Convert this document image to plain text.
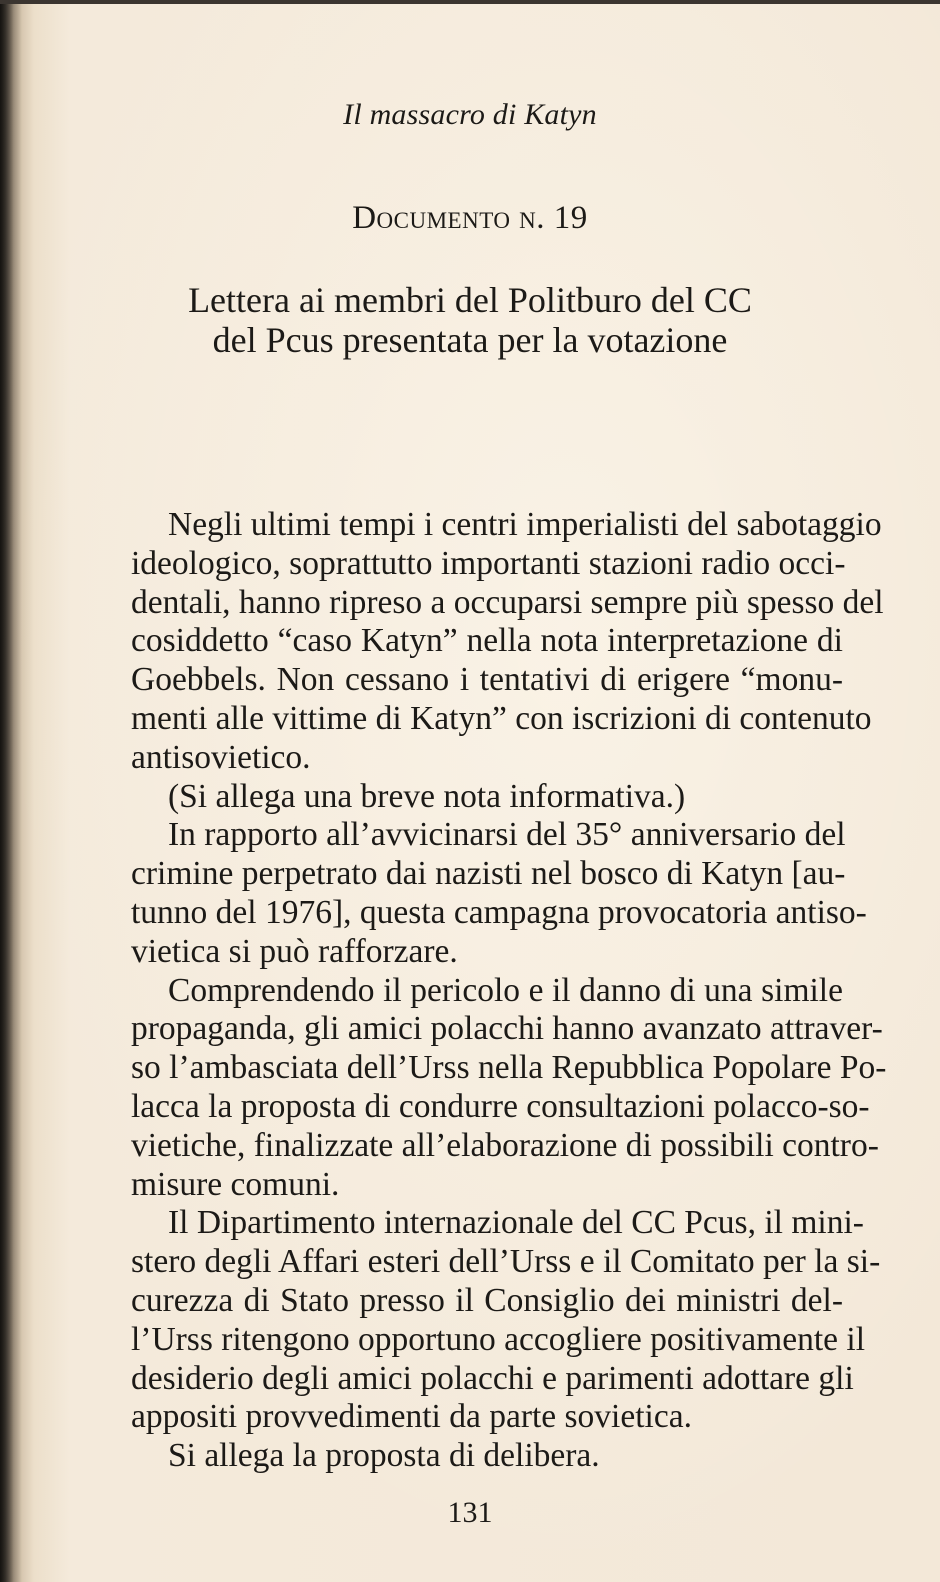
Il massacro di Katyn
Documento n. 19
Lettera ai membri del Politburo del CC
del Pcus presentata per la votazione
Negli ultimi tempi i centri imperialisti del sabotaggio
ideologico, soprattutto importanti stazioni radio occi-
dentali, hanno ripreso a occuparsi sempre più spesso del
cosiddetto “caso Katyn” nella nota interpretazione di
Goebbels. Non cessano i tentativi di erigere “monu-
menti alle vittime di Katyn” con iscrizioni di contenuto
antisovietico.
(Si allega una breve nota informativa.)
In rapporto all’avvicinarsi del 35° anniversario del
crimine perpetrato dai nazisti nel bosco di Katyn [au-
tunno del 1976], questa campagna provocatoria antiso-
vietica si può rafforzare.
Comprendendo il pericolo e il danno di una simile
propaganda, gli amici polacchi hanno avanzato attraver-
so l’ambasciata dell’Urss nella Repubblica Popolare Po-
lacca la proposta di condurre consultazioni polacco-so-
vietiche, finalizzate all’elaborazione di possibili contro-
misure comuni.
Il Dipartimento internazionale del CC Pcus, il mini-
stero degli Affari esteri dell’Urss e il Comitato per la si-
curezza di Stato presso il Consiglio dei ministri del-
l’Urss ritengono opportuno accogliere positivamente il
desiderio degli amici polacchi e parimenti adottare gli
appositi provvedimenti da parte sovietica.
Si allega la proposta di delibera.
131
